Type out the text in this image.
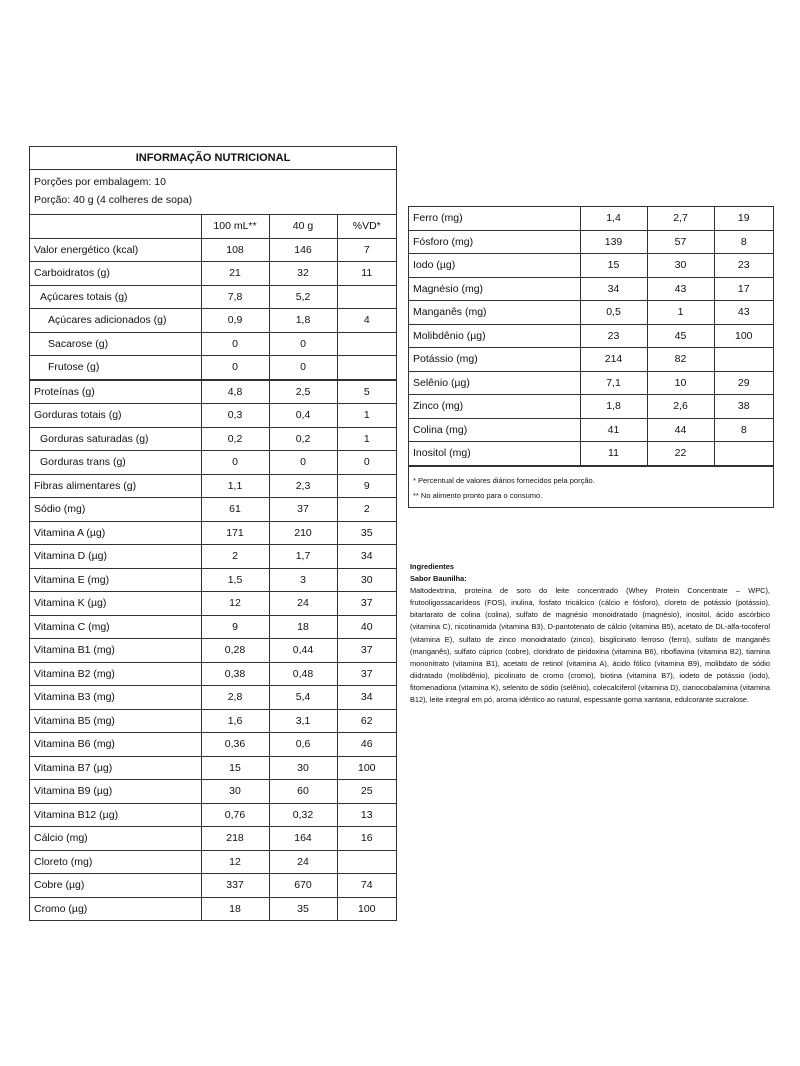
INFORMAÇÃO NUTRICIONAL
Porções por embalagem: 10
Porção: 40 g (4 colheres de sopa)
	100 mL**	40 g	%VD*
Valor energético (kcal)	108	146	7
Carboidratos (g)	21	32	11
Açúcares totais (g)	7,8	5,2	
Açúcares adicionados (g)	0,9	1,8	4
Sacarose (g)	0	0	
Frutose (g)	0	0	
Proteínas (g)	4,8	2,5	5
Gorduras totais (g)	0,3	0,4	1
Gorduras saturadas (g)	0,2	0,2	1
Gorduras trans (g)	0	0	0
Fibras alimentares (g)	1,1	2,3	9
Sódio (mg)	61	37	2
Vitamina A (µg)	171	210	35
Vitamina D (µg)	2	1,7	34
Vitamina E (mg)	1,5	3	30
Vitamina K (µg)	12	24	37
Vitamina C (mg)	9	18	40
Vitamina B1 (mg)	0,28	0,44	37
Vitamina B2 (mg)	0,38	0,48	37
Vitamina B3 (mg)	2,8	5,4	34
Vitamina B5 (mg)	1,6	3,1	62
Vitamina B6 (mg)	0,36	0,6	46
Vitamina B7 (µg)	15	30	100
Vitamina B9 (µg)	30	60	25
Vitamina B12 (µg)	0,76	0,32	13
Cálcio (mg)	218	164	16
Cloreto (mg)	12	24	
Cobre (µg)	337	670	74
Cromo (µg)	18	35	100
Ferro (mg)	1,4	2,7	19
Fósforo (mg)	139	57	8
Iodo (µg)	15	30	23
Magnésio (mg)	34	43	17
Manganês (mg)	0,5	1	43
Molibdênio (µg)	23	45	100
Potássio (mg)	214	82	
Selênio (µg)	7,1	10	29
Zinco (mg)	1,8	2,6	38
Colina (mg)	41	44	8
Inositol (mg)	11	22	
* Percentual de valores diários fornecidos pela porção.
** No alimento pronto para o consumo.
Ingredientes
Sabor Baunilha:
Maltodextrina, proteína de soro do leite concentrado (Whey Protein Concentrate – WPC), frutooligossacarídeos (FOS), inulina, fosfato tricálcico (cálcio e fósforo), cloreto de potássio (potássio), bitartarato de colina (colina), sulfato de magnésio monoidratado (magnésio), inositol, ácido ascórbico (vitamina C), nicotinamida (vitamina B3), D-pantotenato de cálcio (vitamina B5), acetato de DL-alfa-tocoferol (vitamina E), sulfato de zinco monoidratado (zinco), bisglicinato ferroso (ferro), sulfato de manganês (manganês), sulfato cúprico (cobre), cloridrato de piridoxina (vitamina B6), riboflavina (vitamina B2), tiamina mononitrato (vitamina B1), acetato de retinol (vitamina A), ácido fólico (vitamina B9), molibdato de sódio diidratado (molibdênio), picolinato de cromo (cromo), biotina (vitamina B7), iodeto de potássio (iodo), fitomenadiona (vitamina K), selenito de sódio (selênio), colecalciferol (vitamina D), cianocobalamina (vitamina B12), leite integral em pó, aroma idêntico ao natural, espessante goma xantana, edulcorante sucralose.
